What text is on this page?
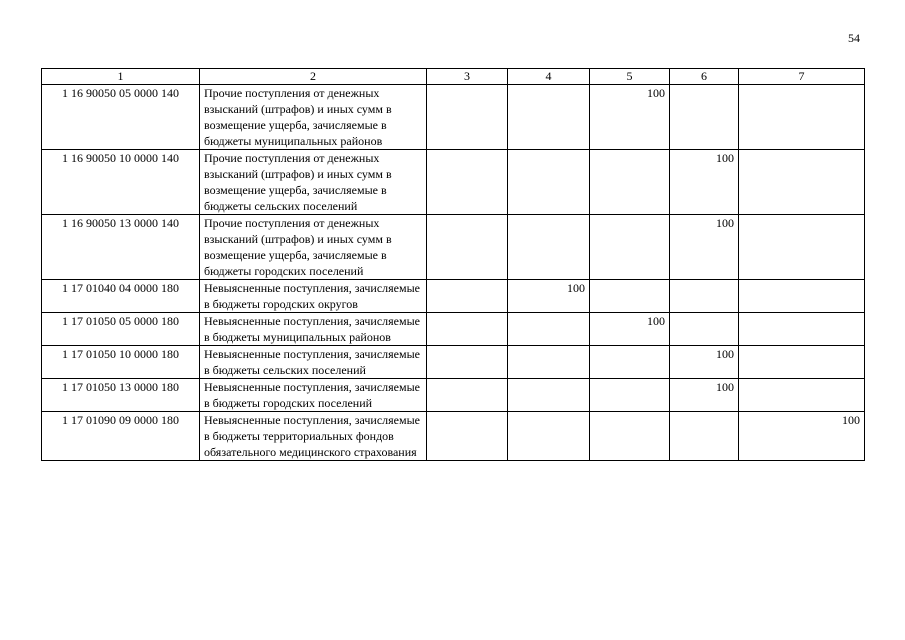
54
1	2	3	4	5	6	7
1 16 90050 05 0000 140	Прочие поступления от денежных взысканий (штрафов) и иных сумм в возмещение ущерба, зачисляемые в бюджеты муниципальных районов			100		
1 16 90050 10 0000 140	Прочие поступления от денежных взысканий (штрафов) и иных сумм в возмещение ущерба, зачисляемые в бюджеты сельских поселений				100	
1 16 90050 13 0000 140	Прочие поступления от денежных взысканий (штрафов) и иных сумм в возмещение ущерба, зачисляемые в бюджеты городских поселений				100	
1 17 01040 04 0000 180	Невыясненные поступления, зачисляемые в бюджеты городских округов		100			
1 17 01050 05 0000 180	Невыясненные поступления, зачисляемые в бюджеты муниципальных районов			100		
1 17 01050 10 0000 180	Невыясненные поступления, зачисляемые в бюджеты сельских поселений				100	
1 17 01050 13 0000 180	Невыясненные поступления, зачисляемые в бюджеты городских поселений				100	
1 17 01090 09 0000 180	Невыясненные поступления, зачисляемые в бюджеты территориальных фондов обязательного медицинского страхования					100
